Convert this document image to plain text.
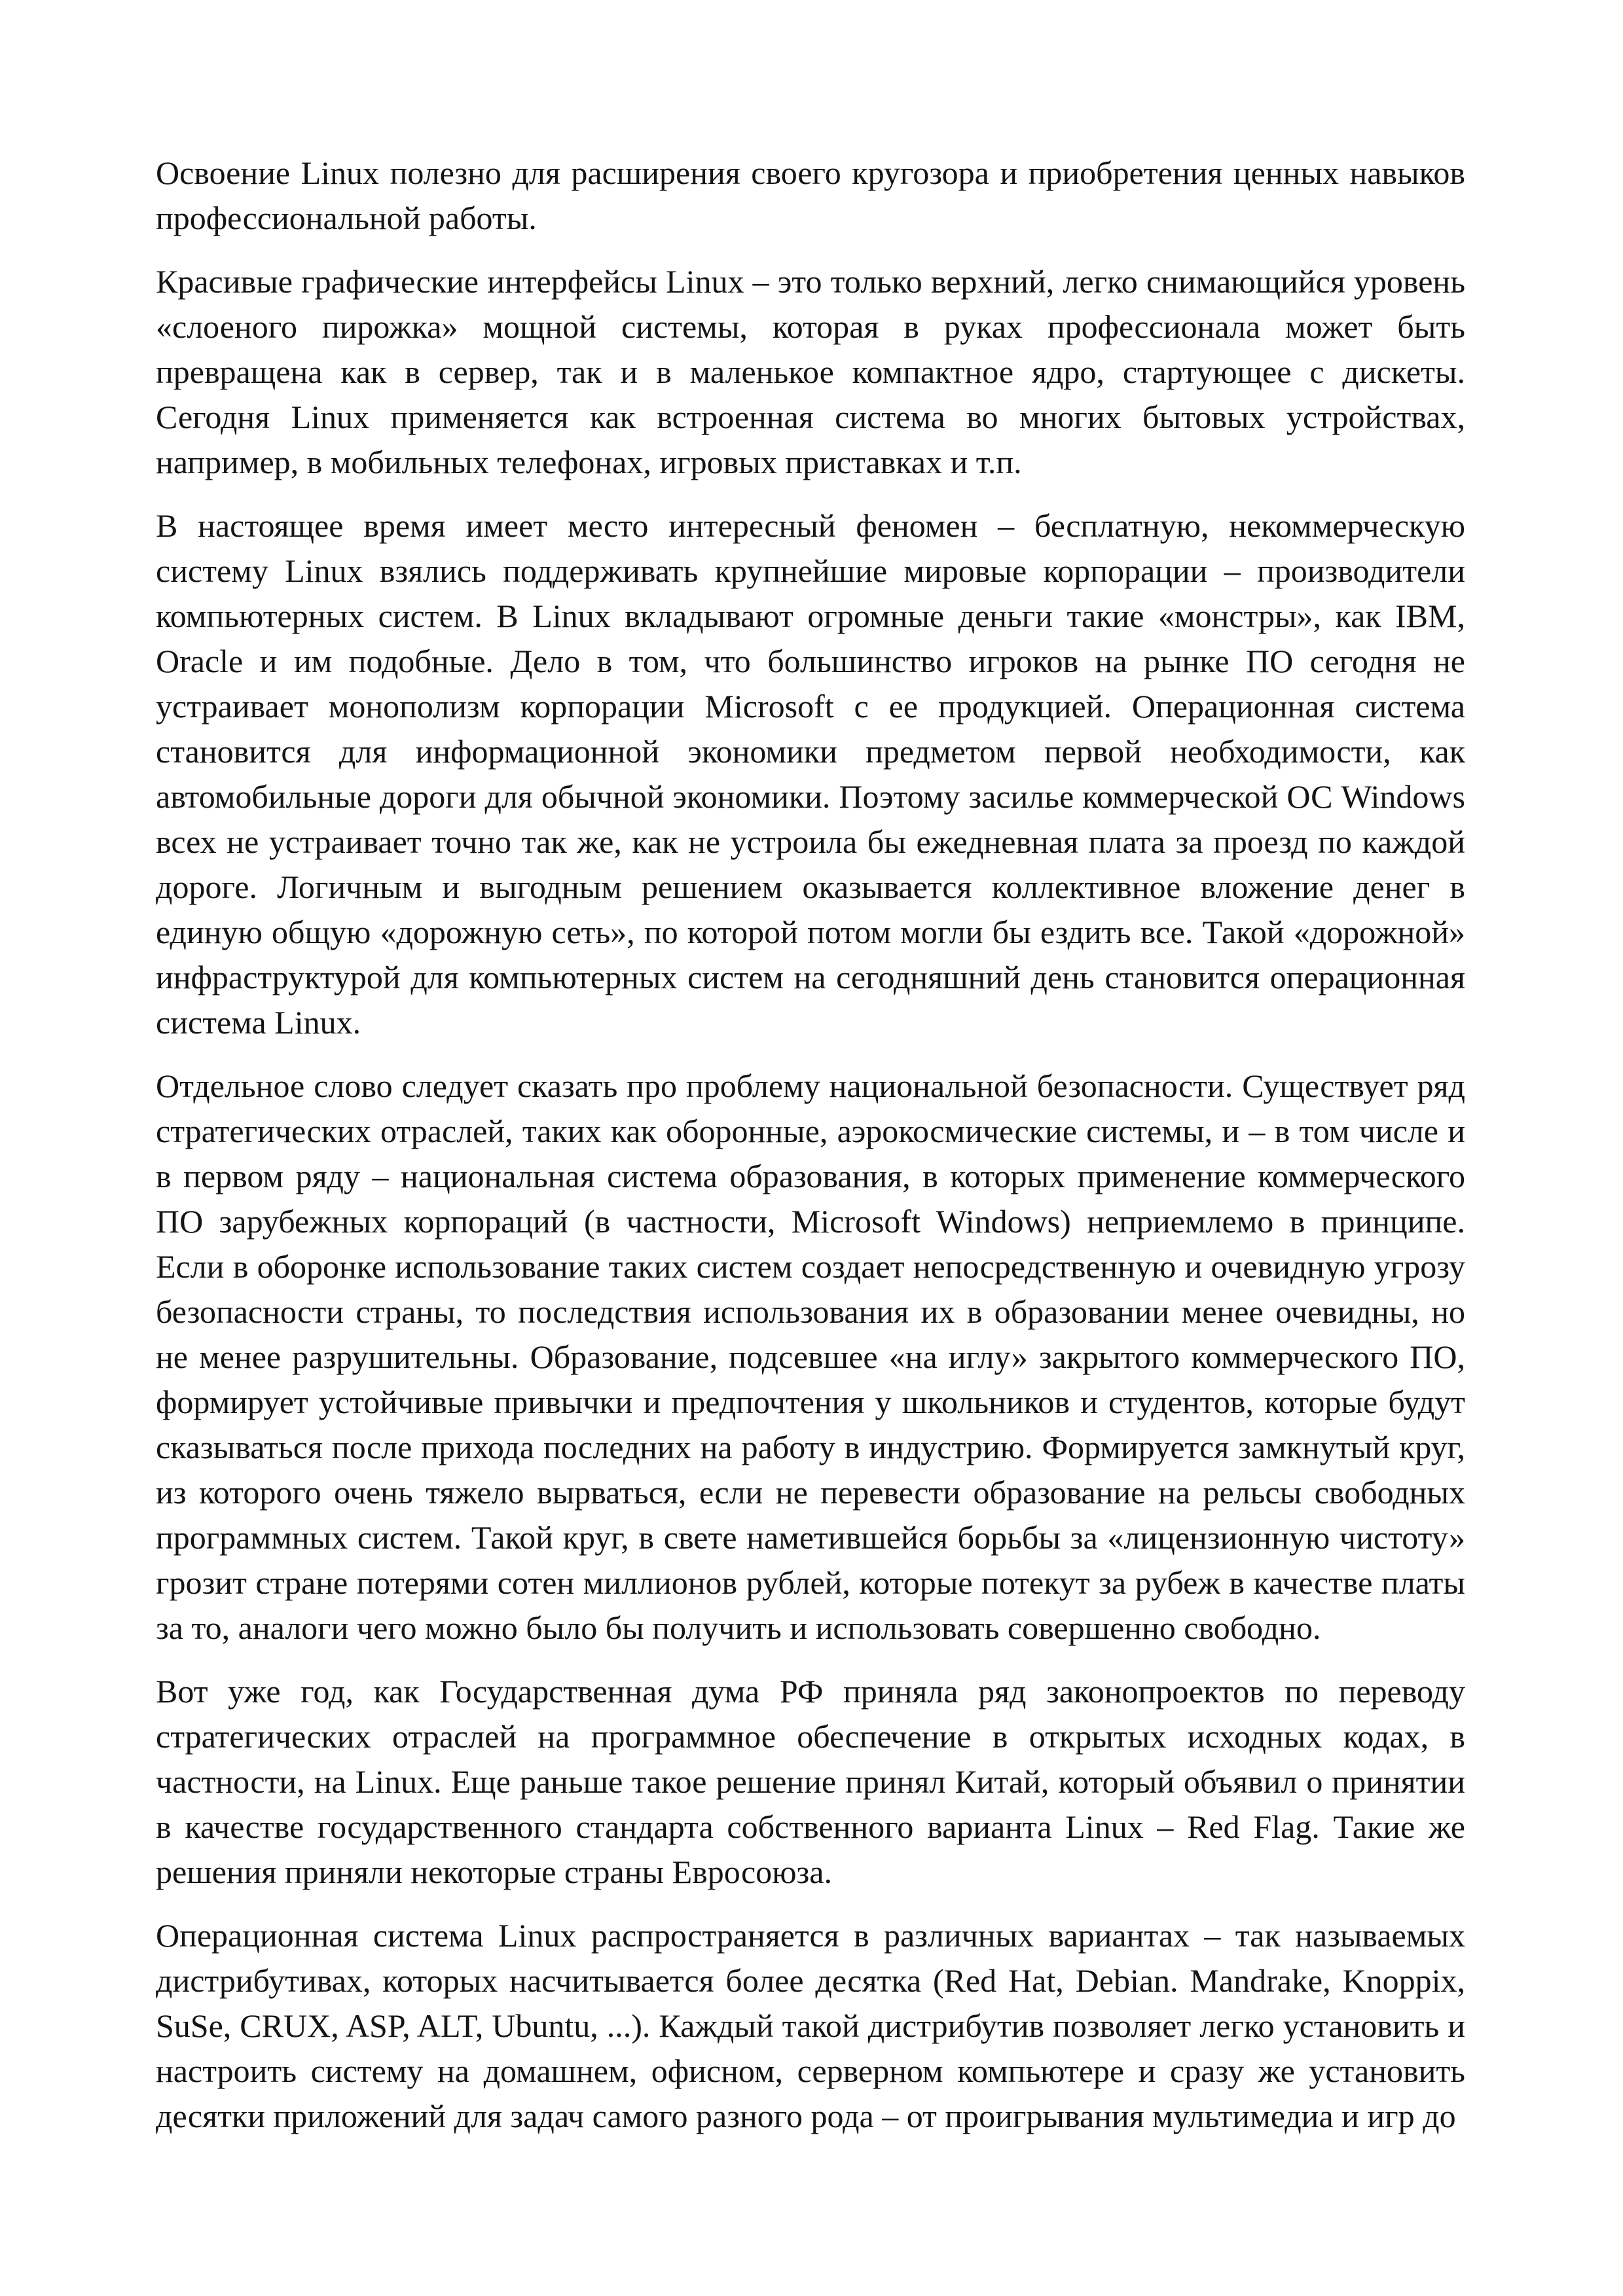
Освоение Linux полезно для расширения своего кругозора и приобретения ценных навыков профессиональной работы.

Красивые графические интерфейсы Linux – это только верхний, легко снимающийся уровень «слоеного пирожка» мощной системы, которая в руках профессионала может быть превращена как в сервер, так и в маленькое компактное ядро, стартующее с дискеты. Сегодня Linux применяется как встроенная система во многих бытовых устройствах, например, в мобильных телефонах, игровых приставках и т.п.

В настоящее время имеет место интересный феномен – бесплатную, некоммерческую систему Linux взялись поддерживать крупнейшие мировые корпорации – производители компьютерных систем. В Linux вкладывают огромные деньги такие «монстры», как IBM, Oracle и им подобные. Дело в том, что большинство игроков на рынке ПО сегодня не устраивает монополизм корпорации Microsoft с ее продукцией. Операционная система становится для информационной экономики предметом первой необходимости, как автомобильные дороги для обычной экономики. Поэтому засилье коммерческой ОС Windows всех не устраивает точно так же, как не устроила бы ежедневная плата за проезд по каждой дороге. Логичным и выгодным решением оказывается коллективное вложение денег в единую общую «дорожную сеть», по которой потом могли бы ездить все. Такой «дорожной» инфраструктурой для компьютерных систем на сегодняшний день становится операционная система Linux.

Отдельное слово следует сказать про проблему национальной безопасности. Существует ряд стратегических отраслей, таких как оборонные, аэрокосмические системы, и – в том числе и в первом ряду – национальная система образования, в которых применение коммерческого ПО зарубежных корпораций (в частности, Microsoft Windows) неприемлемо в принципе. Если в оборонке использование таких систем создает непосредственную и очевидную угрозу безопасности страны, то последствия использования их в образовании менее очевидны, но не менее разрушительны. Образование, подсевшее «на иглу» закрытого коммерческого ПО, формирует устойчивые привычки и предпочтения у школьников и студентов, которые будут сказываться после прихода последних на работу в индустрию. Формируется замкнутый круг, из которого очень тяжело вырваться, если не перевести образование на рельсы свободных программных систем. Такой круг, в свете наметившейся борьбы за «лицензионную чистоту» грозит стране потерями сотен миллионов рублей, которые потекут за рубеж в качестве платы за то, аналоги чего можно было бы получить и использовать совершенно свободно.

Вот уже год, как Государственная дума РФ приняла ряд законопроектов по переводу стратегических отраслей на программное обеспечение в открытых исходных кодах, в частности, на Linux. Еще раньше такое решение принял Китай, который объявил о принятии в качестве государственного стандарта собственного варианта Linux – Red Flag. Такие же решения приняли некоторые страны Евросоюза.

Операционная система Linux распространяется в различных вариантах – так называемых дистрибутивах, которых насчитывается более десятка (Red Hat, Debian. Mandrake, Knoppix, SuSe, CRUX, ASP, ALT, Ubuntu, ...). Каждый такой дистрибутив позволяет легко установить и настроить систему на домашнем, офисном, серверном компьютере и сразу же установить десятки приложений для задач самого разного рода – от проигрывания мультимедиа и игр до
